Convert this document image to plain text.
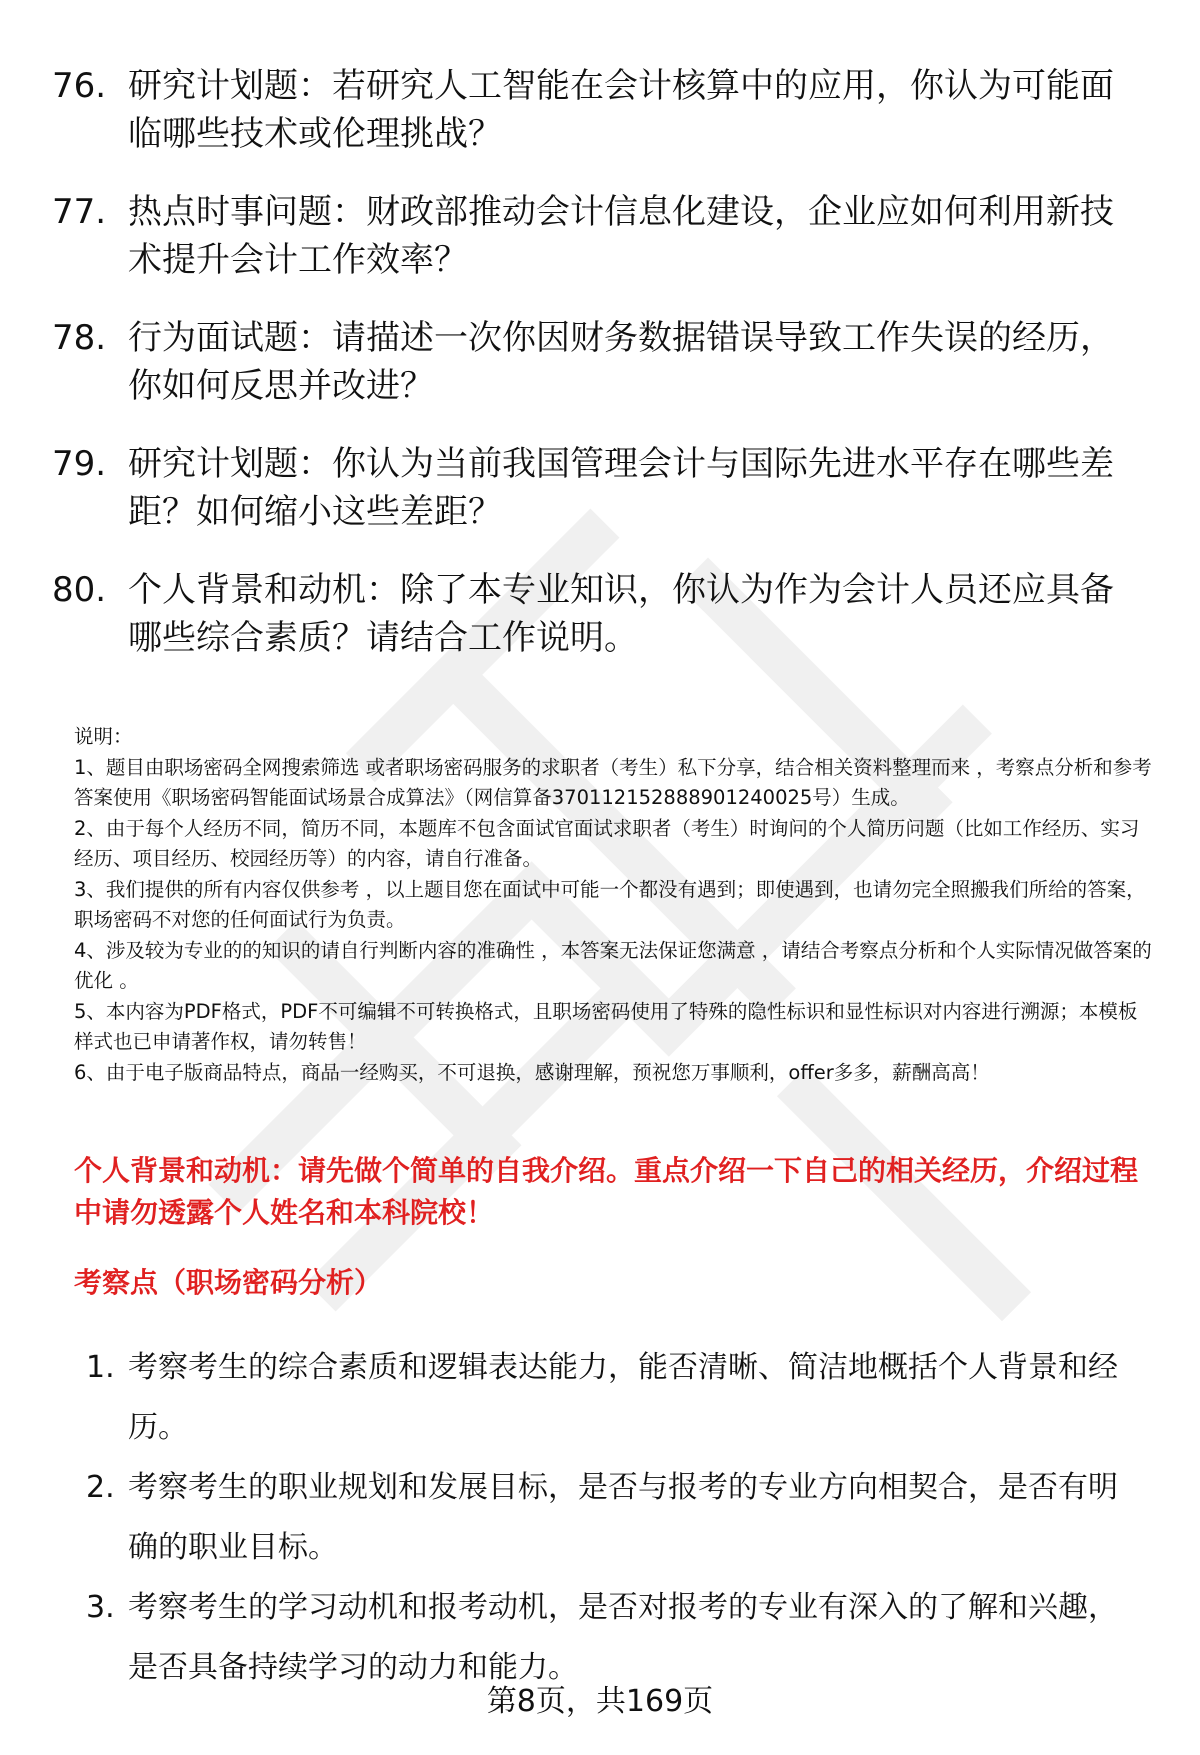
76. 研究计划题：若研究人工智能在会计核算中的应用，你认为可能面临哪些技术或伦理挑战？
77. 热点时事问题：财政部推动会计信息化建设，企业应如何利用新技术提升会计工作效率？
78. 行为面试题：请描述一次你因财务数据错误导致工作失误的经历，你如何反思并改进？
79. 研究计划题：你认为当前我国管理会计与国际先进水平存在哪些差距？如何缩小这些差距？
80. 个人背景和动机：除了本专业知识，你认为作为会计人员还应具备哪些综合素质？请结合工作说明。

说明：

1、题目由职场密码全网搜索筛选 或者职场密码服务的求职者（考生）私下分享，结合相关资料整理而来 ，考察点分析和参考答案使用《职场密码智能面试场景合成算法》（网信算备370112152888901240025号）生成。

2、由于每个人经历不同，简历不同，本题库不包含面试官面试求职者（考生）时询问的个人简历问题（比如工作经历、实习经历、项目经历、校园经历等）的内容，请自行准备。

3、我们提供的所有内容仅供参考 ，以上题目您在面试中可能一个都没有遇到；即使遇到，也请勿完全照搬我们所给的答案，职场密码不对您的任何面试行为负责。

4、涉及较为专业的的知识的请自行判断内容的准确性 ，本答案无法保证您满意 ，请结合考察点分析和个人实际情况做答案的优化 。

5、本内容为PDF格式，PDF不可编辑不可转换格式，且职场密码使用了特殊的隐性标识和显性标识对内容进行溯源；本模板样式也已申请著作权，请勿转售！

6、由于电子版商品特点，商品一经购买，不可退换，感谢理解，预祝您万事顺利，offer多多，薪酬高高！

个人背景和动机：请先做个简单的自我介绍。重点介绍一下自己的相关经历，介绍过程中请勿透露个人姓名和本科院校！
考察点（职场密码分析）
1. 考察考生的综合素质和逻辑表达能力，能否清晰、简洁地概括个人背景和经历。
2. 考察考生的职业规划和发展目标，是否与报考的专业方向相契合，是否有明确的职业目标。
3. 考察考生的学习动机和报考动机，是否对报考的专业有深入的了解和兴趣，是否具备持续学习的动力和能力。
第8页，共169页
